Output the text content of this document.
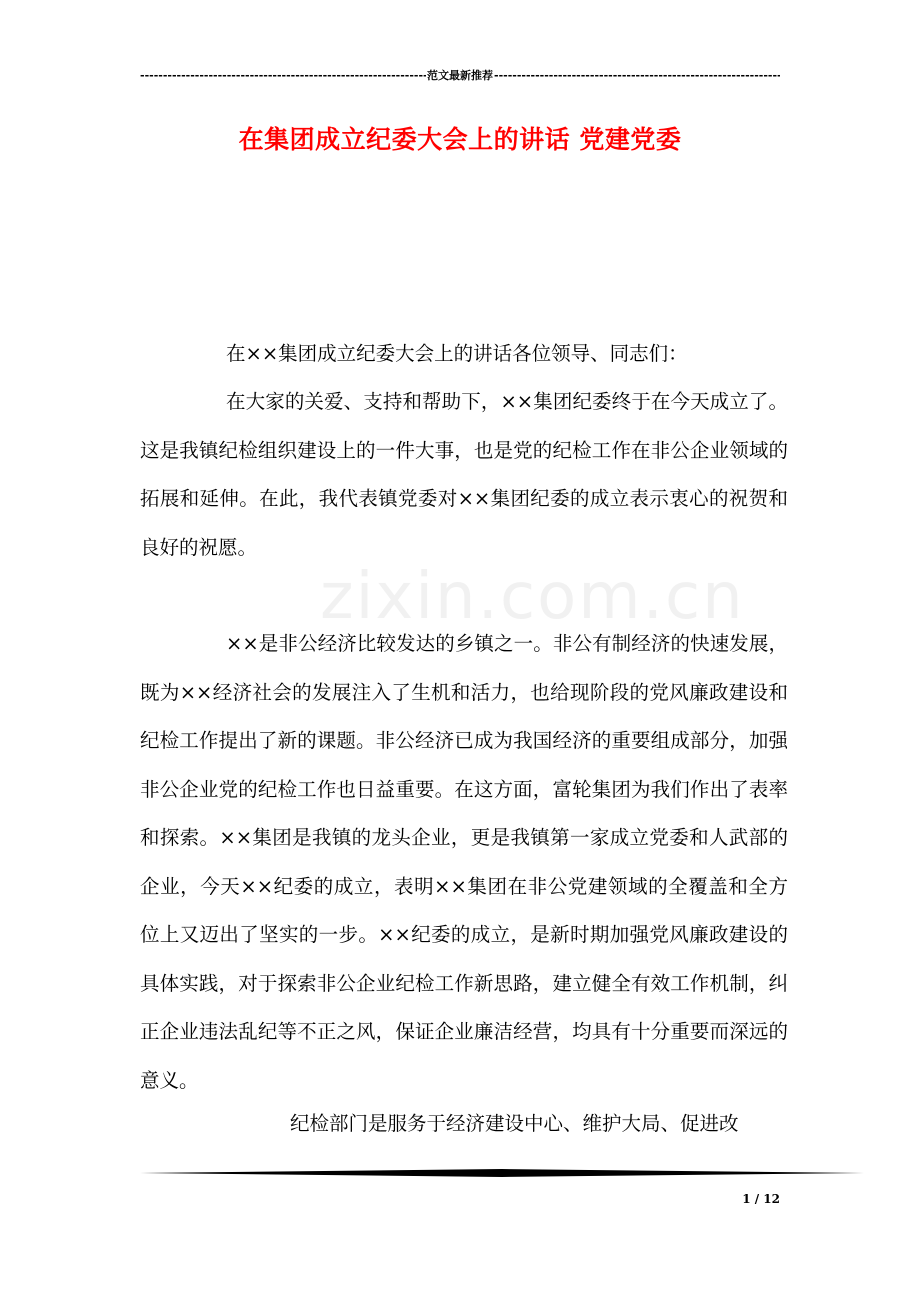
-----
范文最新推荐
-----
在集团成立纪委大会上的讲话 党建党委
zixin.com.cn

在××集团成立纪委大会上的讲话各位领导、同志们：

在大家的关爱、支持和帮助下，××集团纪委终于在今天成立了。这是我镇纪检组织建设上的一件大事，也是党的纪检工作在非公企业领域的拓展和延伸。在此，我代表镇党委对××集团纪委的成立表示衷心的祝贺和良好的祝愿。

××是非公经济比较发达的乡镇之一。非公有制经济的快速发展，既为××经济社会的发展注入了生机和活力，也给现阶段的党风廉政建设和纪检工作提出了新的课题。非公经济已成为我国经济的重要组成部分，加强非公企业党的纪检工作也日益重要。在这方面，富轮集团为我们作出了表率和探索。××集团是我镇的龙头企业，更是我镇第一家成立党委和人武部的企业，今天××纪委的成立，表明××集团在非公党建领域的全覆盖和全方位上又迈出了坚实的一步。××纪委的成立，是新时期加强党风廉政建设的具体实践，对于探索非公企业纪检工作新思路，建立健全有效工作机制，纠正企业违法乱纪等不正之风，保证企业廉洁经营，均具有十分重要而深远的意义。

纪检部门是服务于经济建设中心、维护大局、促进改

1 / 12
